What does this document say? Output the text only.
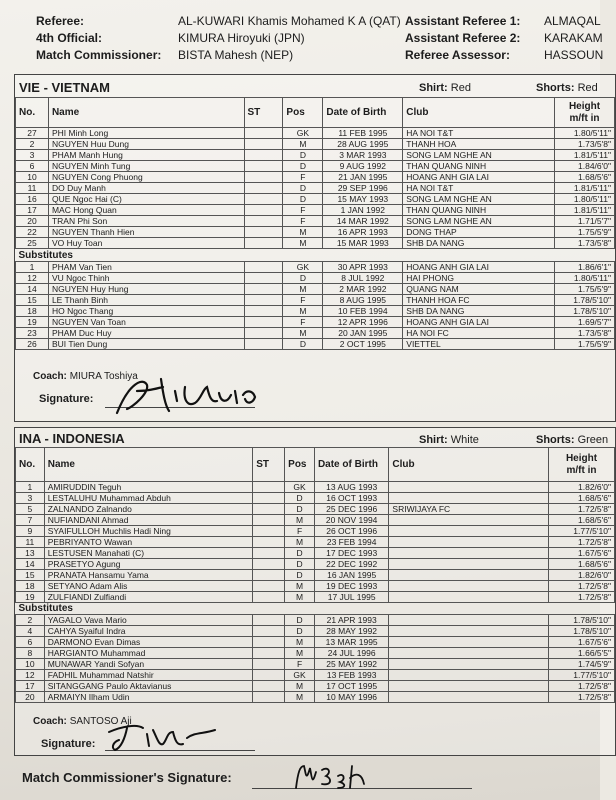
Referee:	AL-KUWARI Khamis Mohamed K A (QAT)
4th Official:	KIMURA Hiroyuki (JPN)
Match Commissioner: BISTA Mahesh (NEP)
Assistant Referee 1: ALMAQAL
Assistant Referee 2: KARAKAM
Referee Assessor:	HASSOUN
VIE - VIETNAM	Shirt: Red	Shorts: Red
No.	Name	ST	Pos	Date of Birth	Club	Height
m/ft in

27	PHI Minh Long		GK	11 FEB 1995	HA NOI T&T	1.80/5'11"
2	NGUYEN Huu Dung		M	28 AUG 1995	THANH HOA	1.73/5'8"
3	PHAM Manh Hung		D	3 MAR 1993	SONG LAM NGHE AN	1.81/5'11"
6	NGUYEN Minh Tung		D	9 AUG 1992	THAN QUANG NINH	1.84/6'0"
10	NGUYEN Cong Phuong		F	21 JAN 1995	HOANG ANH GIA LAI	1.68/5'6"
11	DO Duy Manh		D	29 SEP 1996	HA NOI T&T	1.81/5'11"
16	QUE Ngoc Hai (C)		D	15 MAY 1993	SONG LAM NGHE AN	1.80/5'11"
17	MAC Hong Quan		F	1 JAN 1992	THAN QUANG NINH	1.81/5'11"
20	TRAN Phi Son		F	14 MAR 1992	SONG LAM NGHE AN	1.71/5'7"
22	NGUYEN Thanh Hien		M	16 APR 1993	DONG THAP	1.75/5'9"
25	VO Huy Toan		M	15 MAR 1993	SHB DA NANG	1.73/5'8"
Substitutes						
1	PHAM Van Tien		GK	30 APR 1993	HOANG ANH GIA LAI	1.86/6'1"
12	VU Ngoc Thinh		D	8 JUL 1992	HAI PHONG	1.80/5'11"
14	NGUYEN Huy Hung		M	2 MAR 1992	QUANG NAM	1.75/5'9"
15	LE Thanh Binh		F	8 AUG 1995	THANH HOA FC	1.78/5'10"
18	HO Ngoc Thang		M	10 FEB 1994	SHB DA NANG	1.78/5'10"
19	NGUYEN Van Toan		F	12 APR 1996	HOANG ANH GIA LAI	1.69/5'7"
23	PHAM Duc Huy		M	20 JAN 1995	HA NOI FC	1.73/5'8"
26	BUI Tien Dung		D	2 OCT 1995	VIETTEL	1.75/5'9"
Coach: MIURA Toshiya
Signature:
INA - INDONESIA	Shirt: White	Shorts: Green
No.	Name	ST	Pos	Date of Birth	Club	Height
m/ft in

1	AMIRUDDIN Teguh		GK	13 AUG 1993		1.82/6'0"
3	LESTALUHU Muhammad Abduh		D	16 OCT 1993		1.68/5'6"
5	ZALNANDO Zalnando		D	25 DEC 1996	SRIWIJAYA FC	1.72/5'8"
7	NUFIANDANI Ahmad		M	20 NOV 1994		1.68/5'6"
9	SYAIFULLOH Muchlis Hadi Ning		F	26 OCT 1996		1.77/5'10"
11	PEBRIYANTO Wawan		M	23 FEB 1994		1.72/5'8"
13	LESTUSEN Manahati (C)		D	17 DEC 1993		1.67/5'6"
14	PRASETYO Agung		D	22 DEC 1992		1.68/5'6"
15	PRANATA Hansamu Yama		D	16 JAN 1995		1.82/6'0"
18	SETYANO Adam Alis		M	19 DEC 1993		1.72/5'8"
19	ZULFIANDI Zulfiandi		M	17 JUL 1995		1.72/5'8"
Substitutes						
2	YAGALO Vava Mario		D	21 APR 1993		1.78/5'10"
4	CAHYA Syaiful Indra		D	28 MAY 1992		1.78/5'10"
6	DARMONO Evan Dimas		M	13 MAR 1995		1.67/5'6"
8	HARGIANTO Muhammad		M	24 JUL 1996		1.66/5'5"
10	MUNAWAR Yandi Sofyan		F	25 MAY 1992		1.74/5'9"
12	FADHIL Muhammad Natshir		GK	13 FEB 1993		1.77/5'10"
17	SITANGGANG Paulo Aktavianus		M	17 OCT 1995		1.72/5'8"
20	ARMAIYN Ilham Udin		M	10 MAY 1996		1.72/5'8"
Coach: SANTOSO Aji
Signature:
Match Commissioner's Signature:
